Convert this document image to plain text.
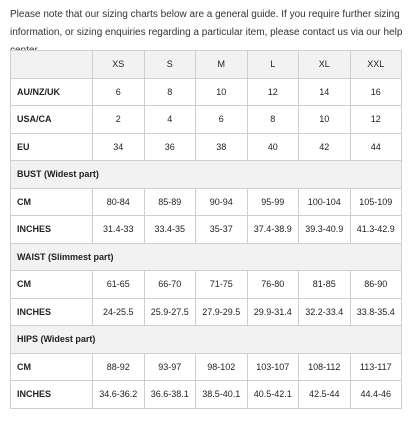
Please note that our sizing charts below are a general guide. If you require further sizing information, or sizing enquiries regarding a particular item, please contact us via our help

	XS	S	M	L	XL	XXL
AU/NZ/UK	6	8	10	12	14	16
USA/CA	2	4	6	8	10	12
EU	34	36	38	40	42	44
BUST (Widest part)						
CM	80-84	85-89	90-94	95-99	100-104	105-109
INCHES	31.4-33	33.4-35	35-37	37.4-38.9	39.3-40.9	41.3-42.9
WAIST (Slimmest part)						
CM	61-65	66-70	71-75	76-80	81-85	86-90
INCHES	24-25.5	25.9-27.5	27.9-29.5	29.9-31.4	32.2-33.4	33.8-35.4
HIPS (Widest part)						
CM	88-92	93-97	98-102	103-107	108-112	113-117
INCHES	34.6-36.2	36.6-38.1	38.5-40.1	40.5-42.1	42.5-44	44.4-46
